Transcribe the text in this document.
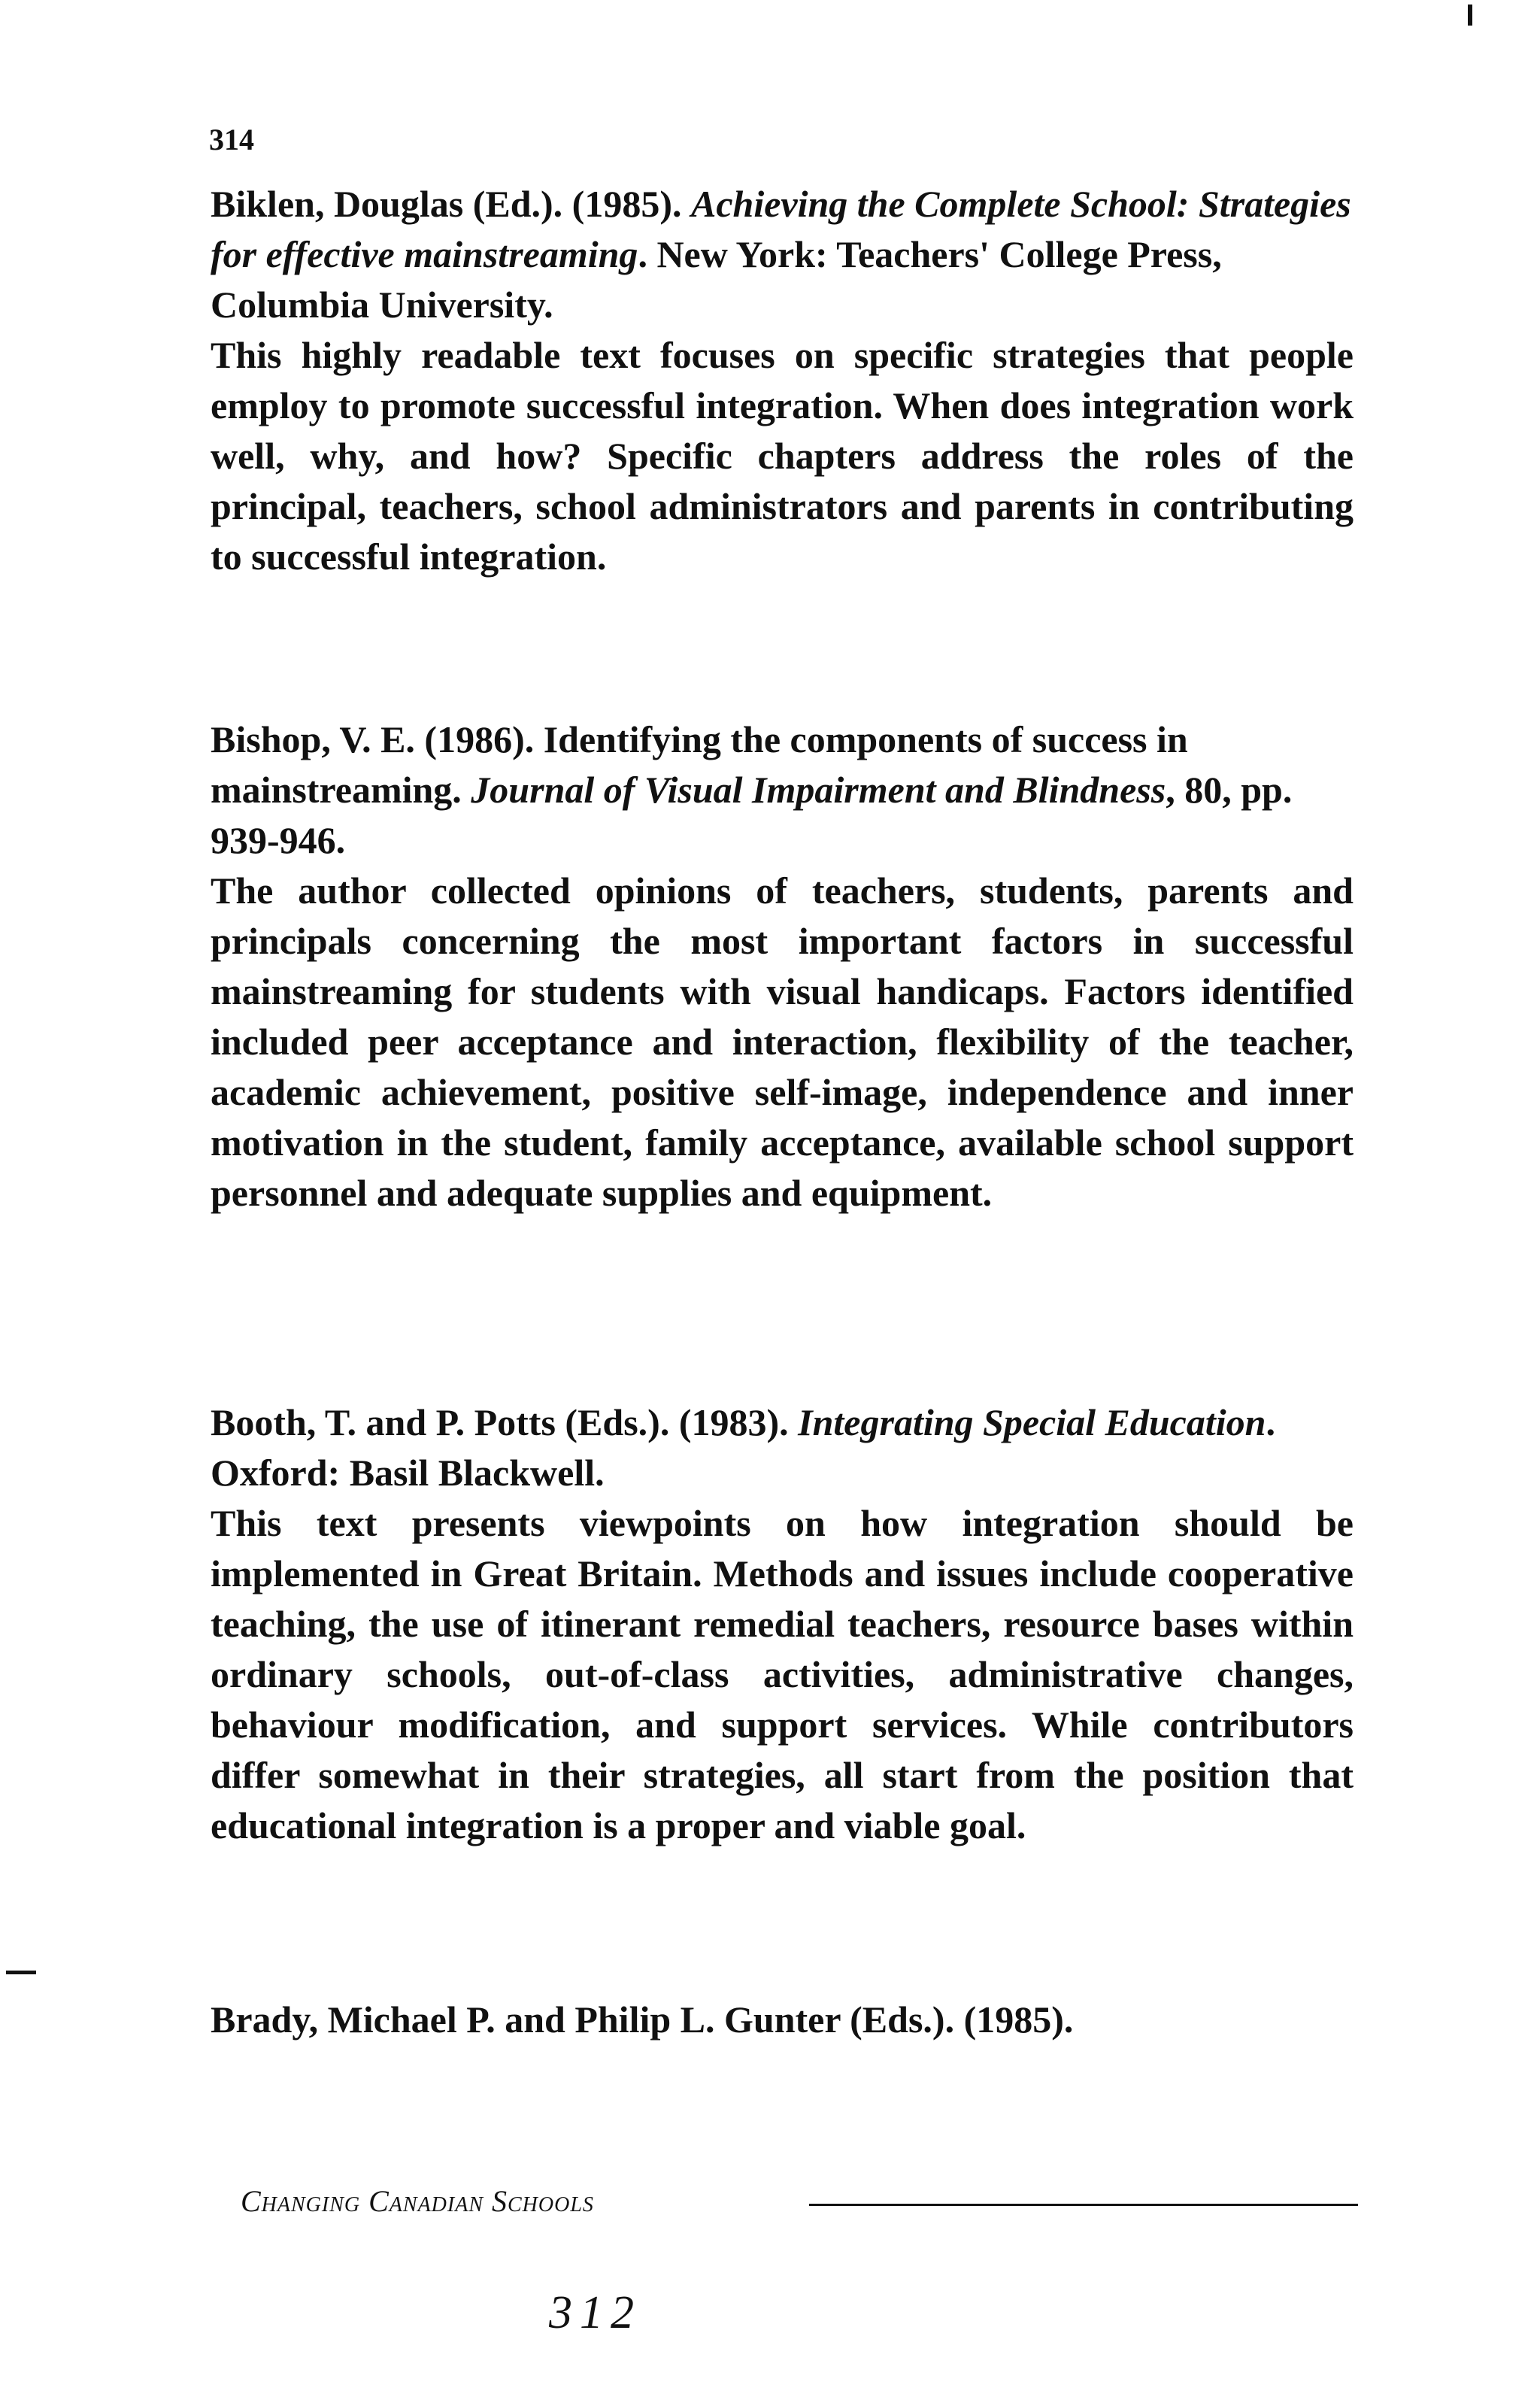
314
Biklen, Douglas (Ed.). (1985). Achieving the Complete School: Strategies for effective mainstreaming. New York: Teachers' College Press, Columbia University.
This highly readable text focuses on specific strategies that people employ to promote successful integration. When does integration work well, why, and how? Specific chapters address the roles of the principal, teachers, school administrators and parents in contributing to successful integration.
Bishop, V. E. (1986). Identifying the components of success in mainstreaming. Journal of Visual Impairment and Blindness, 80, pp. 939-946.
The author collected opinions of teachers, students, parents and principals concerning the most important factors in successful mainstreaming for students with visual handicaps. Factors identified included peer acceptance and interaction, flexibility of the teacher, academic achievement, positive self-image, independence and inner motivation in the student, family acceptance, available school support personnel and adequate supplies and equipment.
Booth, T. and P. Potts (Eds.). (1983). Integrating Special Education. Oxford: Basil Blackwell.
This text presents viewpoints on how integration should be implemented in Great Britain. Methods and issues include cooperative teaching, the use of itinerant remedial teachers, resource bases within ordinary schools, out-of-class activities, administrative changes, behaviour modification, and support services. While contributors differ somewhat in their strategies, all start from the position that educational integration is a proper and viable goal.
Brady, Michael P. and Philip L. Gunter (Eds.). (1985).
Changing Canadian Schools
312
